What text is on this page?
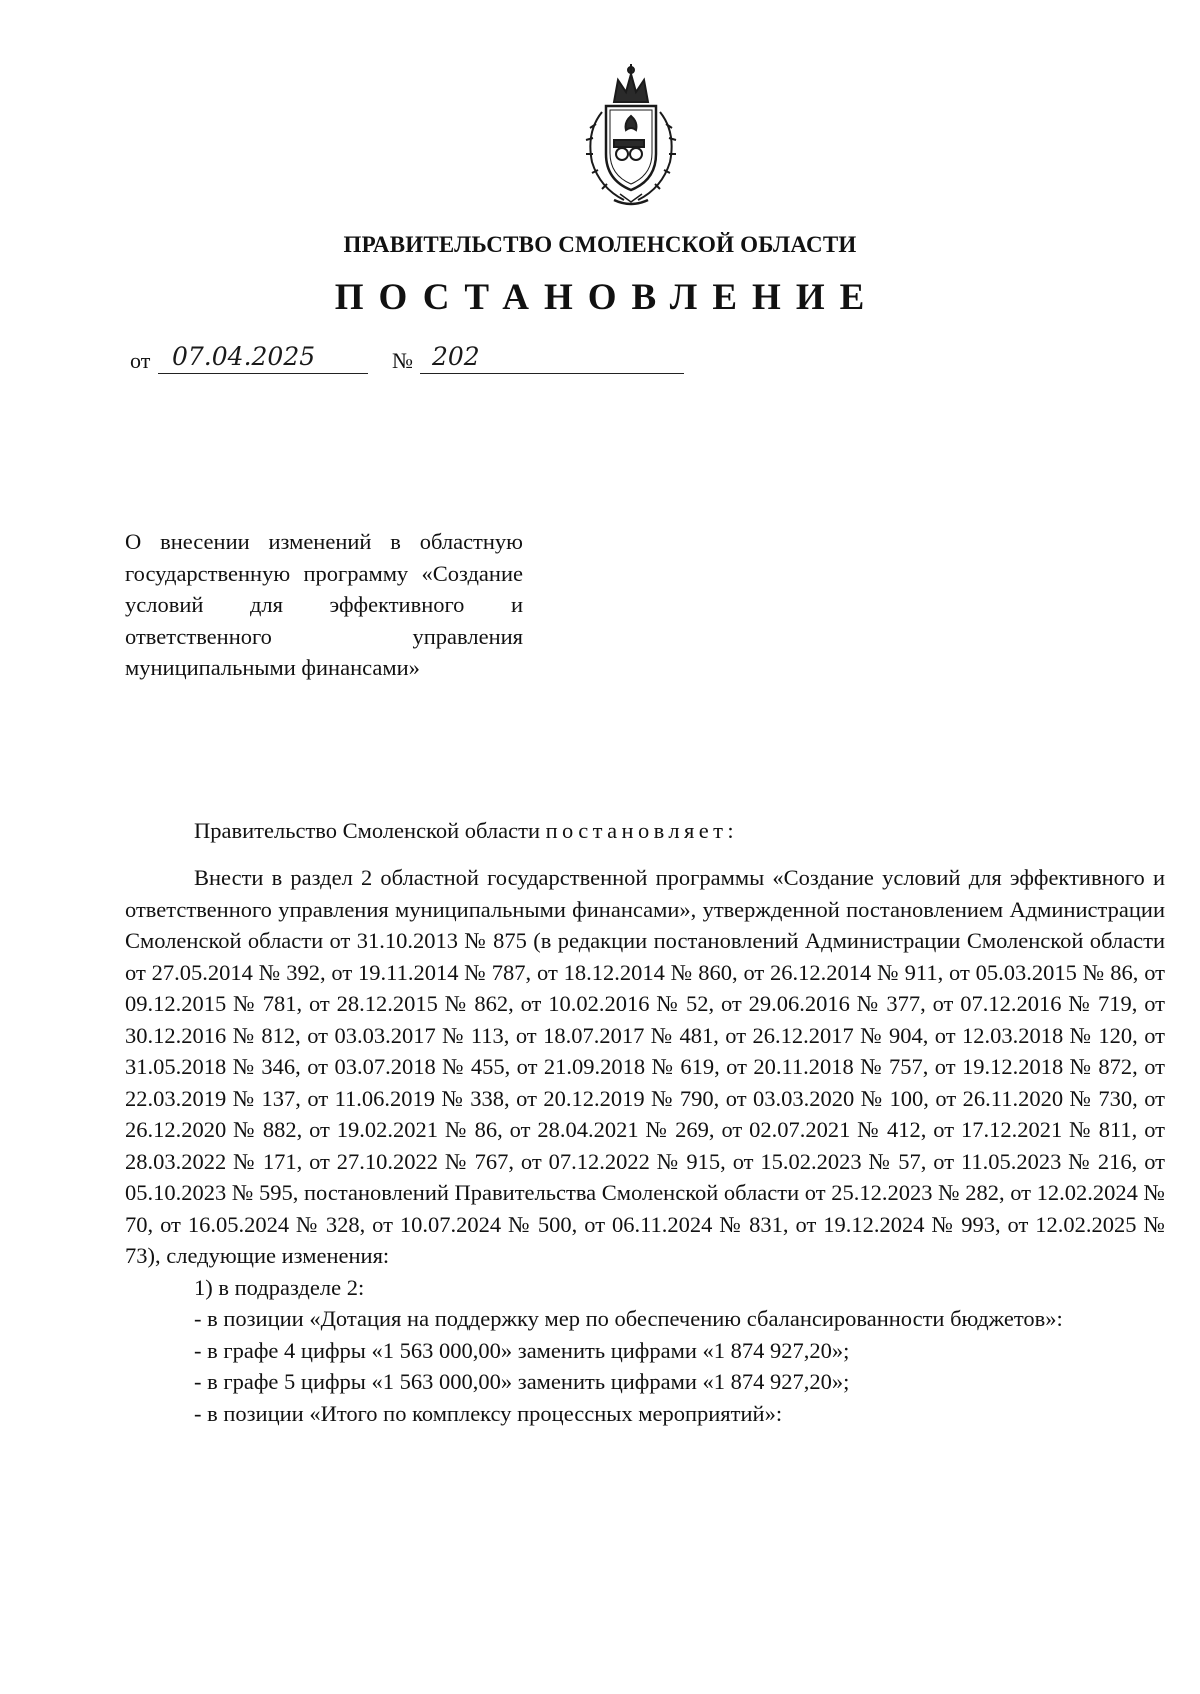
ПРАВИТЕЛЬСТВО СМОЛЕНСКОЙ ОБЛАСТИ
ПОСТАНОВЛЕНИЕ
от 07.04.2025	№ 202
О внесении изменений в областную государственную программу «Создание условий для эффективного и ответственного управления муниципальными финансами»
Правительство Смоленской области постановляет:

Внести в раздел 2 областной государственной программы «Создание условий для эффективного и ответственного управления муниципальными финансами», утвержденной постановлением Администрации Смоленской области от 31.10.2013 № 875 (в редакции постановлений Администрации Смоленской области от 27.05.2014 № 392, от 19.11.2014 № 787, от 18.12.2014 № 860, от 26.12.2014 № 911, от 05.03.2015 № 86, от 09.12.2015 № 781, от 28.12.2015 № 862, от 10.02.2016 № 52, от 29.06.2016 № 377, от 07.12.2016 № 719, от 30.12.2016 № 812, от 03.03.2017 № 113, от 18.07.2017 № 481, от 26.12.2017 № 904, от 12.03.2018 № 120, от 31.05.2018 № 346, от 03.07.2018 № 455, от 21.09.2018 № 619, от 20.11.2018 № 757, от 19.12.2018 № 872, от 22.03.2019 № 137, от 11.06.2019 № 338, от 20.12.2019 № 790, от 03.03.2020 № 100, от 26.11.2020 № 730, от 26.12.2020 № 882, от 19.02.2021 № 86, от 28.04.2021 № 269, от 02.07.2021 № 412, от 17.12.2021 № 811, от 28.03.2022 № 171, от 27.10.2022 № 767, от 07.12.2022 № 915, от 15.02.2023 № 57, от 11.05.2023 № 216, от 05.10.2023 № 595, постановлений Правительства Смоленской области от 25.12.2023 № 282, от 12.02.2024 № 70, от 16.05.2024 № 328, от 10.07.2024 № 500, от 06.11.2024 № 831, от 19.12.2024 № 993, от 12.02.2025 № 73), следующие изменения:

1) в подразделе 2:

- в позиции «Дотация на поддержку мер по обеспечению сбалансированности бюджетов»:

- в графе 4 цифры «1 563 000,00» заменить цифрами «1 874 927,20»;

- в графе 5 цифры «1 563 000,00» заменить цифрами «1 874 927,20»;

- в позиции «Итого по комплексу процессных мероприятий»:
